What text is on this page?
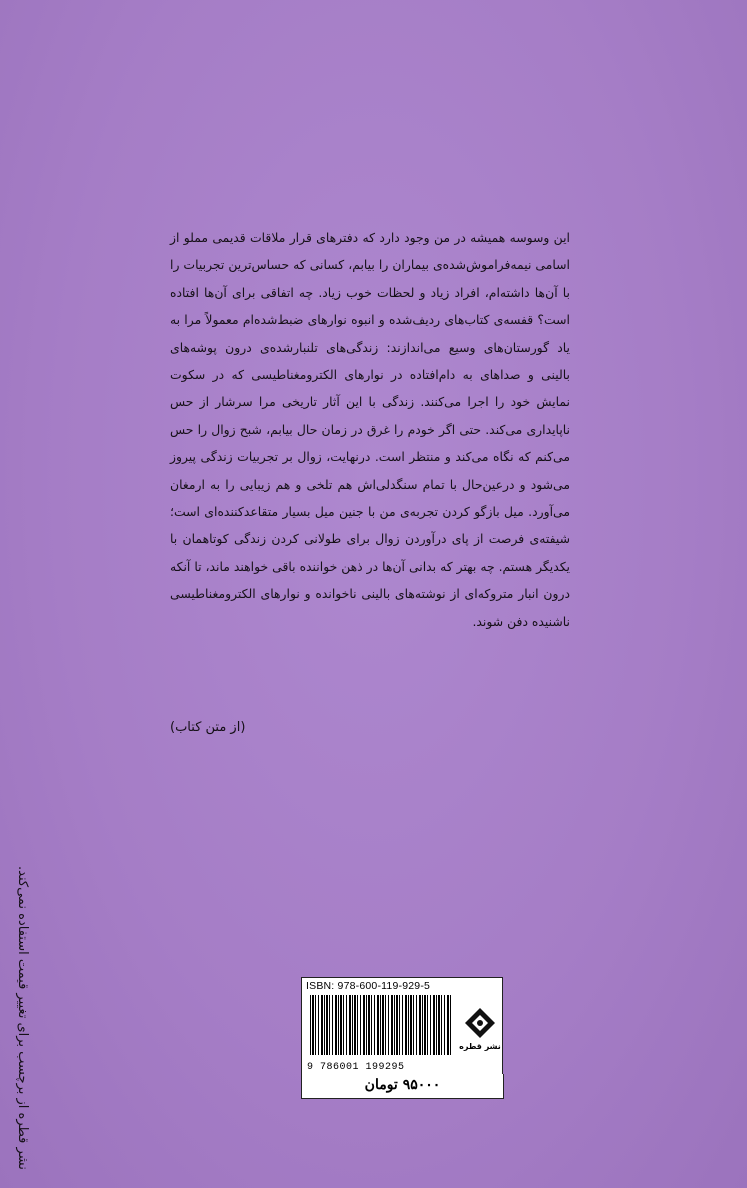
این وسوسه همیشه در من وجود دارد که دفترهای قرار ملاقات قدیمی مملو از اسامی نیمه‌فراموش‌شده‌ی بیماران را بیابم، کسانی که حساس‌ترین تجربیات را با آن‌ها داشته‌ام، افراد زیاد و لحظات خوب زیاد. چه اتفاقی برای آن‌ها افتاده است؟ قفسه‌ی کتاب‌های ردیف‌شده و انبوه نوارهای ضبط‌شده‌ام معمولاً مرا به یاد گورستان‌های وسیع می‌اندازند: زندگی‌های تلنبارشده‌ی درون پوشه‌های بالینی و صداهای به دام‌افتاده در نوارهای الکترومغناطیسی که در سکوت نمایش خود را اجرا می‌کنند. زندگی با این آثار تاریخی مرا سرشار از حس ناپایداری می‌کند. حتی اگر خودم را غرق در زمان حال بیابم، شبح زوال را حس می‌کنم که نگاه می‌کند و منتظر است. درنهایت، زوال بر تجربیات زندگی پیروز می‌شود و درعین‌حال با تمام سنگدلی‌اش هم تلخی و هم زیبایی را به ارمغان می‌آورد. میل بازگو کردن تجربه‌ی من با جنین میل بسیار متقاعدکننده‌ای است؛ شیفته‌ی فرصت از پای درآوردن زوال برای طولانی کردن زندگی کوتاهمان با یکدیگر هستم. چه بهتر که بدانی آن‌ها در ذهن خواننده باقی خواهند ماند، تا آنکه درون انبار متروکه‌ای از نوشته‌های بالینی ناخوانده و نوارهای الکترومغناطیسی ناشنیده دفن شوند.

(از متن کتاب)

نشر قطره از برچسب برای تغییر قیمت استفاده نمی‌کند.	ISBN: 978-600-119-929-5
9 786001 199295
نشر قطره
۹۵۰۰۰ تومان
